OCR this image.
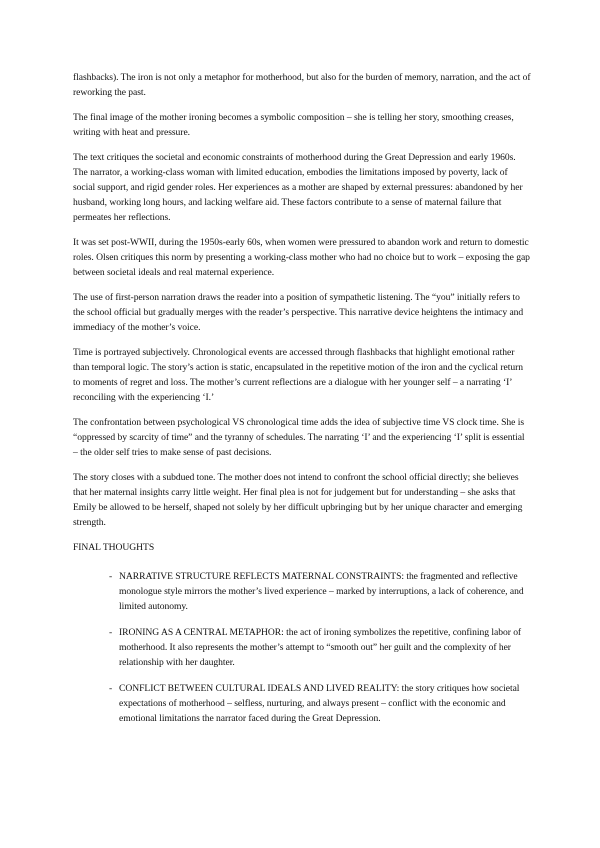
flashbacks). The iron is not only a metaphor for motherhood, but also for the burden of memory, narration, and the act of reworking the past.

The final image of the mother ironing becomes a symbolic composition – she is telling her story, smoothing creases, writing with heat and pressure.

The text critiques the societal and economic constraints of motherhood during the Great Depression and early 1960s. The narrator, a working-class woman with limited education, embodies the limitations imposed by poverty, lack of social support, and rigid gender roles. Her experiences as a mother are shaped by external pressures: abandoned by her husband, working long hours, and lacking welfare aid. These factors contribute to a sense of maternal failure that permeates her reflections.

It was set post-WWII, during the 1950s-early 60s, when women were pressured to abandon work and return to domestic roles. Olsen critiques this norm by presenting a working-class mother who had no choice but to work – exposing the gap between societal ideals and real maternal experience.

The use of first-person narration draws the reader into a position of sympathetic listening. The “you” initially refers to the school official but gradually merges with the reader’s perspective. This narrative device heightens the intimacy and immediacy of the mother’s voice.

Time is portrayed subjectively. Chronological events are accessed through flashbacks that highlight emotional rather than temporal logic. The story’s action is static, encapsulated in the repetitive motion of the iron and the cyclical return to moments of regret and loss. The mother’s current reflections are a dialogue with her younger self – a narrating ‘I’ reconciling with the experiencing ‘I.’

The confrontation between psychological VS chronological time adds the idea of subjective time VS clock time. She is “oppressed by scarcity of time” and the tyranny of schedules. The narrating ‘I’ and the experiencing ‘I’ split is essential – the older self tries to make sense of past decisions.

The story closes with a subdued tone. The mother does not intend to confront the school official directly; she believes that her maternal insights carry little weight. Her final plea is not for judgement but for understanding – she asks that Emily be allowed to be herself, shaped not solely by her difficult upbringing but by her unique character and emerging strength.

FINAL THOUGHTS
- NARRATIVE STRUCTURE REFLECTS MATERNAL CONSTRAINTS: the fragmented and reflective monologue style mirrors the mother’s lived experience – marked by interruptions, a lack of coherence, and limited autonomy.
- IRONING AS A CENTRAL METAPHOR: the act of ironing symbolizes the repetitive, confining labor of motherhood. It also represents the mother’s attempt to “smooth out” her guilt and the complexity of her relationship with her daughter.
- CONFLICT BETWEEN CULTURAL IDEALS AND LIVED REALITY: the story critiques how societal expectations of motherhood – selfless, nurturing, and always present – conflict with the economic and emotional limitations the narrator faced during the Great Depression.
